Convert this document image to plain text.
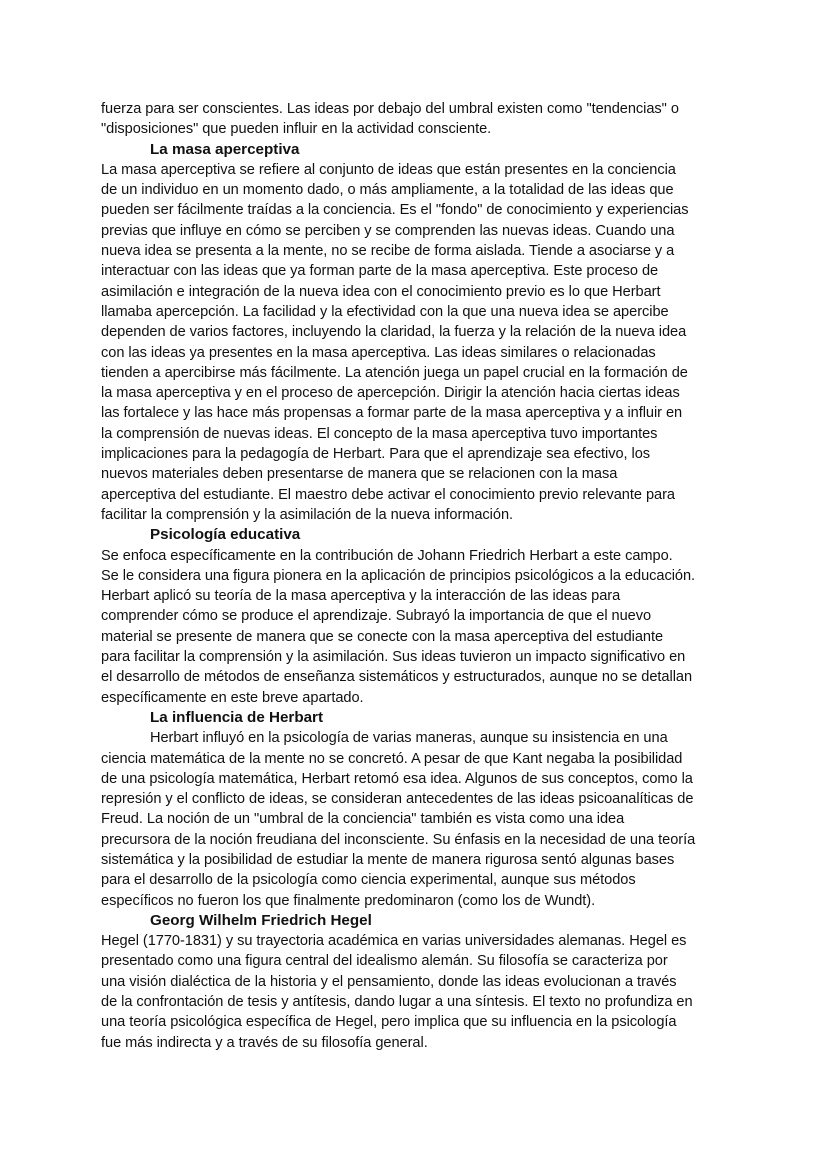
fuerza para ser conscientes. Las ideas por debajo del umbral existen como "tendencias" o
"disposiciones" que pueden influir en la actividad consciente.
La masa aperceptiva
La masa aperceptiva se refiere al conjunto de ideas que están presentes en la conciencia
de un individuo en un momento dado, o más ampliamente, a la totalidad de las ideas que
pueden ser fácilmente traídas a la conciencia. Es el "fondo" de conocimiento y experiencias
previas que influye en cómo se perciben y se comprenden las nuevas ideas. Cuando una
nueva idea se presenta a la mente, no se recibe de forma aislada. Tiende a asociarse y a
interactuar con las ideas que ya forman parte de la masa aperceptiva. Este proceso de
asimilación e integración de la nueva idea con el conocimiento previo es lo que Herbart
llamaba apercepción. La facilidad y la efectividad con la que una nueva idea se apercibe
dependen de varios factores, incluyendo la claridad, la fuerza y la relación de la nueva idea
con las ideas ya presentes en la masa aperceptiva. Las ideas similares o relacionadas
tienden a apercibirse más fácilmente. La atención juega un papel crucial en la formación de
la masa aperceptiva y en el proceso de apercepción. Dirigir la atención hacia ciertas ideas
las fortalece y las hace más propensas a formar parte de la masa aperceptiva y a influir en
la comprensión de nuevas ideas. El concepto de la masa aperceptiva tuvo importantes
implicaciones para la pedagogía de Herbart. Para que el aprendizaje sea efectivo, los
nuevos materiales deben presentarse de manera que se relacionen con la masa
aperceptiva del estudiante. El maestro debe activar el conocimiento previo relevante para
facilitar la comprensión y la asimilación de la nueva información.
Psicología educativa
Se enfoca específicamente en la contribución de Johann Friedrich Herbart a este campo.
Se le considera una figura pionera en la aplicación de principios psicológicos a la educación.
Herbart aplicó su teoría de la masa aperceptiva y la interacción de las ideas para
comprender cómo se produce el aprendizaje. Subrayó la importancia de que el nuevo
material se presente de manera que se conecte con la masa aperceptiva del estudiante
para facilitar la comprensión y la asimilación. Sus ideas tuvieron un impacto significativo en
el desarrollo de métodos de enseñanza sistemáticos y estructurados, aunque no se detallan
específicamente en este breve apartado.
La influencia de Herbart
Herbart influyó en la psicología de varias maneras, aunque su insistencia en una
ciencia matemática de la mente no se concretó. A pesar de que Kant negaba la posibilidad
de una psicología matemática, Herbart retomó esa idea. Algunos de sus conceptos, como la
represión y el conflicto de ideas, se consideran antecedentes de las ideas psicoanalíticas de
Freud. La noción de un "umbral de la conciencia" también es vista como una idea
precursora de la noción freudiana del inconsciente. Su énfasis en la necesidad de una teoría
sistemática y la posibilidad de estudiar la mente de manera rigurosa sentó algunas bases
para el desarrollo de la psicología como ciencia experimental, aunque sus métodos
específicos no fueron los que finalmente predominaron (como los de Wundt).
Georg Wilhelm Friedrich Hegel
Hegel (1770-1831) y su trayectoria académica en varias universidades alemanas. Hegel es
presentado como una figura central del idealismo alemán. Su filosofía se caracteriza por
una visión dialéctica de la historia y el pensamiento, donde las ideas evolucionan a través
de la confrontación de tesis y antítesis, dando lugar a una síntesis. El texto no profundiza en
una teoría psicológica específica de Hegel, pero implica que su influencia en la psicología
fue más indirecta y a través de su filosofía general.
